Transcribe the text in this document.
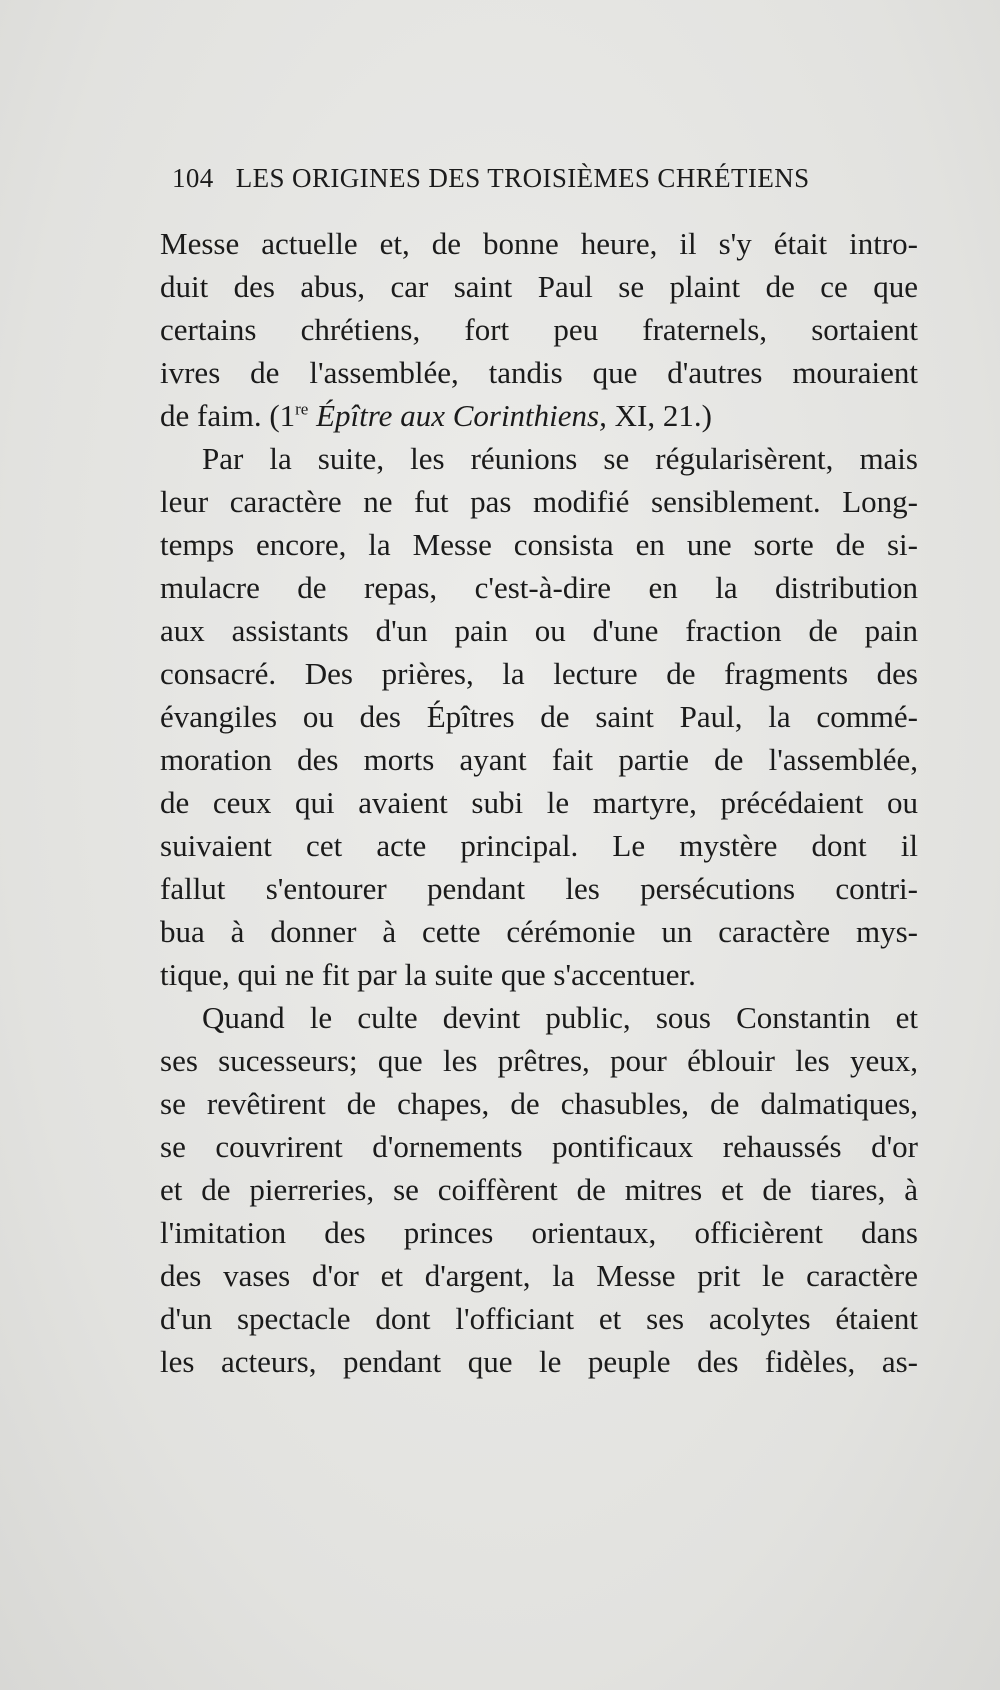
104 LES ORIGINES DES TROISIÈMES CHRÉTIENS
Messe actuelle et, de bonne heure, il s'y était intro-
duit des abus, car saint Paul se plaint de ce que
certains chrétiens, fort peu fraternels, sortaient
ivres de l'assemblée, tandis que d'autres mouraient
de faim. (1re Épître aux Corinthiens, XI, 21.)
Par la suite, les réunions se régularisèrent, mais
leur caractère ne fut pas modifié sensiblement. Long-
temps encore, la Messe consista en une sorte de si-
mulacre de repas, c'est-à-dire en la distribution
aux assistants d'un pain ou d'une fraction de pain
consacré. Des prières, la lecture de fragments des
évangiles ou des Épîtres de saint Paul, la commé-
moration des morts ayant fait partie de l'assemblée,
de ceux qui avaient subi le martyre, précédaient ou
suivaient cet acte principal. Le mystère dont il
fallut s'entourer pendant les persécutions contri-
bua à donner à cette cérémonie un caractère mys-
tique, qui ne fit par la suite que s'accentuer.
Quand le culte devint public, sous Constantin et
ses sucesseurs; que les prêtres, pour éblouir les yeux,
se revêtirent de chapes, de chasubles, de dalmatiques,
se couvrirent d'ornements pontificaux rehaussés d'or
et de pierreries, se coiffèrent de mitres et de tiares, à
l'imitation des princes orientaux, officièrent dans
des vases d'or et d'argent, la Messe prit le caractère
d'un spectacle dont l'officiant et ses acolytes étaient
les acteurs, pendant que le peuple des fidèles, as-
